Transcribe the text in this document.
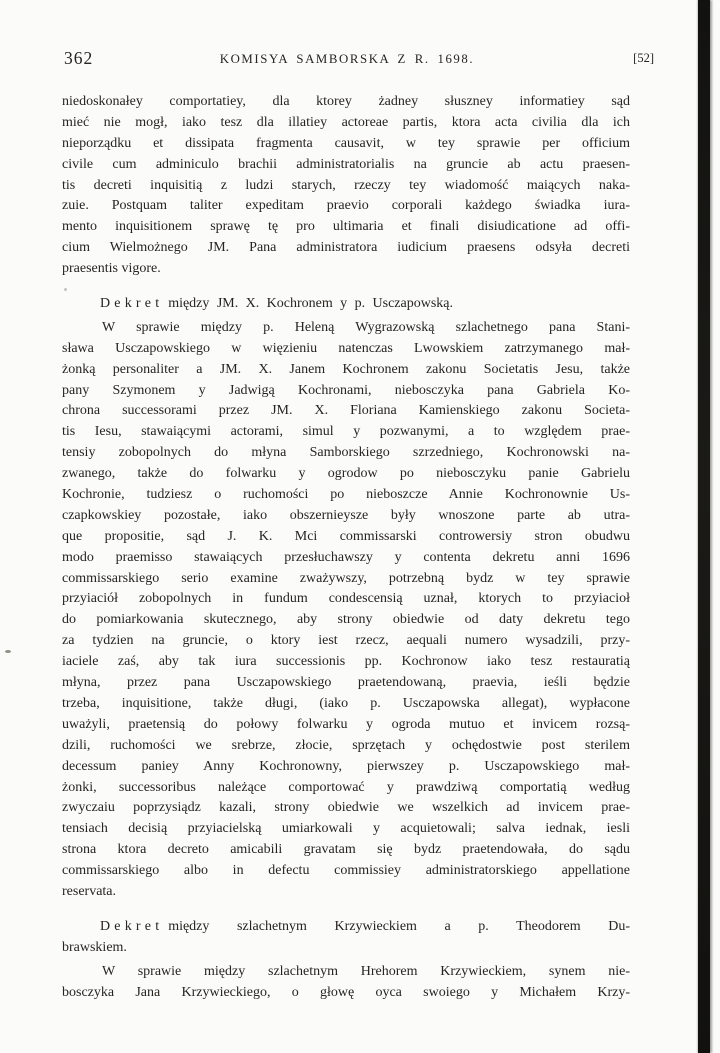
362	KOMISYA SAMBORSKA Z R. 1698.	[52]
niedoskonałey comportatiey, dla ktorey żadney słuszney informatiey sąd
mieć nie mogł, iako tesz dla illatiey actoreae partis, ktora acta civilia dla ich
nieporządku et dissipata fragmenta causavit, w tey sprawie per officium
civile cum adminiculo brachii administratorialis na gruncie ab actu praesen-
tis decreti inquisitią z ludzi starych, rzeczy tey wiadomość maiących naka-
zuie. Postquam taliter expeditam praevio corporali każdego świadka iura-
mento inquisitionem sprawę tę pro ultimaria et finali disiudicatione ad offi-
cium Wielmożnego JM. Pana administratora iudicium praesens odsyła decreti
praesentis vigore.
Dekret między JM. X. Kochronem y p. Usczapowską.
W sprawie między p. Heleną Wygrazowską szlachetnego pana Stani-
sława Usczapowskiego w więzieniu natenczas Lwowskiem zatrzymanego mał-
żonką personaliter a JM. X. Janem Kochronem zakonu Societatis Jesu, także
pany Szymonem y Jadwigą Kochronami, niebosczyka pana Gabriela Ko-
chrona successorami przez JM. X. Floriana Kamienskiego zakonu Societa-
tis Iesu, stawaiącymi actorami, simul y pozwanymi, a to względem prae-
tensiy zobopolnych do młyna Samborskiego szrzedniego, Kochronowski na-
zwanego, także do folwarku y ogrodow po niebosczyku panie Gabrielu
Kochronie, tudziesz o ruchomości po nieboszcze Annie Kochronownie Us-
czapkowskiey pozostałe, iako obszernieysze były wnoszone parte ab utra-
que propositie, sąd J. K. Mci commissarski controwersiy stron obudwu
modo praemisso stawaiących przesłuchawszy y contenta dekretu anni 1696
commissarskiego serio examine zważywszy, potrzebną bydz w tey sprawie
przyiaciół zobopolnych in fundum condescensią uznał, ktorych to przyiacioł
do pomiarkowania skutecznego, aby strony obiedwie od daty dekretu tego
za tydzien na gruncie, o ktory iest rzecz, aequali numero wysadzili, przy-
iaciele zaś, aby tak iura successionis pp. Kochronow iako tesz restauratią
młyna, przez pana Usczapowskiego praetendowaną, praevia, ieśli będzie
trzeba, inquisitione, także długi, (iako p. Usczapowska allegat), wypłacone
uważyli, praetensią do połowy folwarku y ogroda mutuo et invicem rozsą-
dzili, ruchomości we srebrze, złocie, sprzętach y ochędostwie post sterilem
decessum paniey Anny Kochronowny, pierwszey p. Usczapowskiego mał-
żonki, successoribus należące comportować y prawdziwą comportatią według
zwyczaiu poprzysiądz kazali, strony obiedwie we wszelkich ad invicem prae-
tensiach decisią przyiacielską umiarkowali y acquietowali; salva iednak, iesli
strona ktora decreto amicabili gravatam się bydz praetendowała, do sądu
commissarskiego albo in defectu commissiey administratorskiego appellatione
reservata.
Dekret między szlachetnym Krzywieckiem a p. Theodorem Du-
brawskiem.
W sprawie między szlachetnym Hrehorem Krzywieckiem, synem nie-
bosczyka Jana Krzywieckiego, o głowę oyca swoiego y Michałem Krzy-
